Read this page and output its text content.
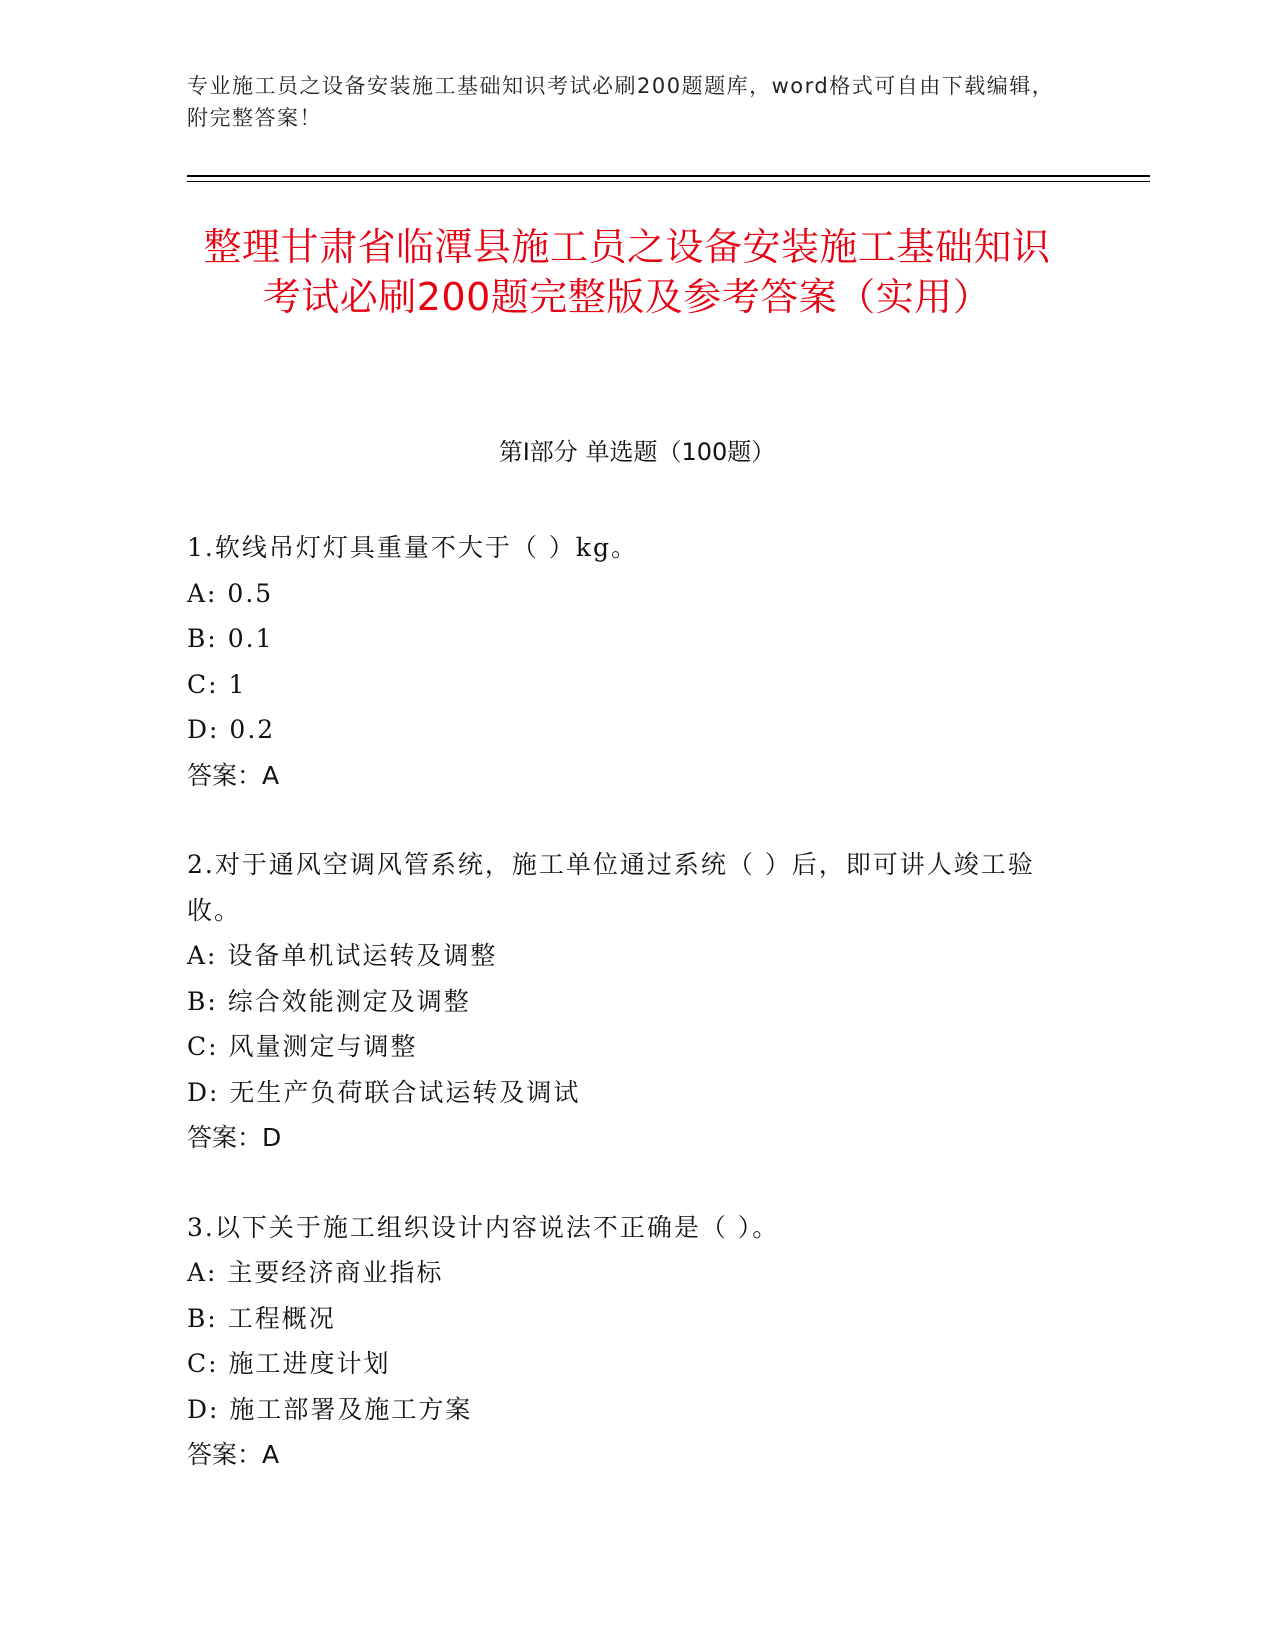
专业施工员之设备安装施工基础知识考试必刷200题题库，word格式可自由下载编辑，附完整答案！
整理甘肃省临潭县施工员之设备安装施工基础知识考试必刷200题完整版及参考答案（实用）
第I部分 单选题（100题）
1.软线吊灯灯具重量不大于（ ）kg。
A: 0.5
B: 0.1
C: 1
D: 0.2
答案：A
2.对于通风空调风管系统，施工单位通过系统（ ）后，即可讲人竣工验收。
A: 设备单机试运转及调整
B: 综合效能测定及调整
C: 风量测定与调整
D: 无生产负荷联合试运转及调试
答案：D
3.以下关于施工组织设计内容说法不正确是（ ）。
A: 主要经济商业指标
B: 工程概况
C: 施工进度计划
D: 施工部署及施工方案
答案：A
